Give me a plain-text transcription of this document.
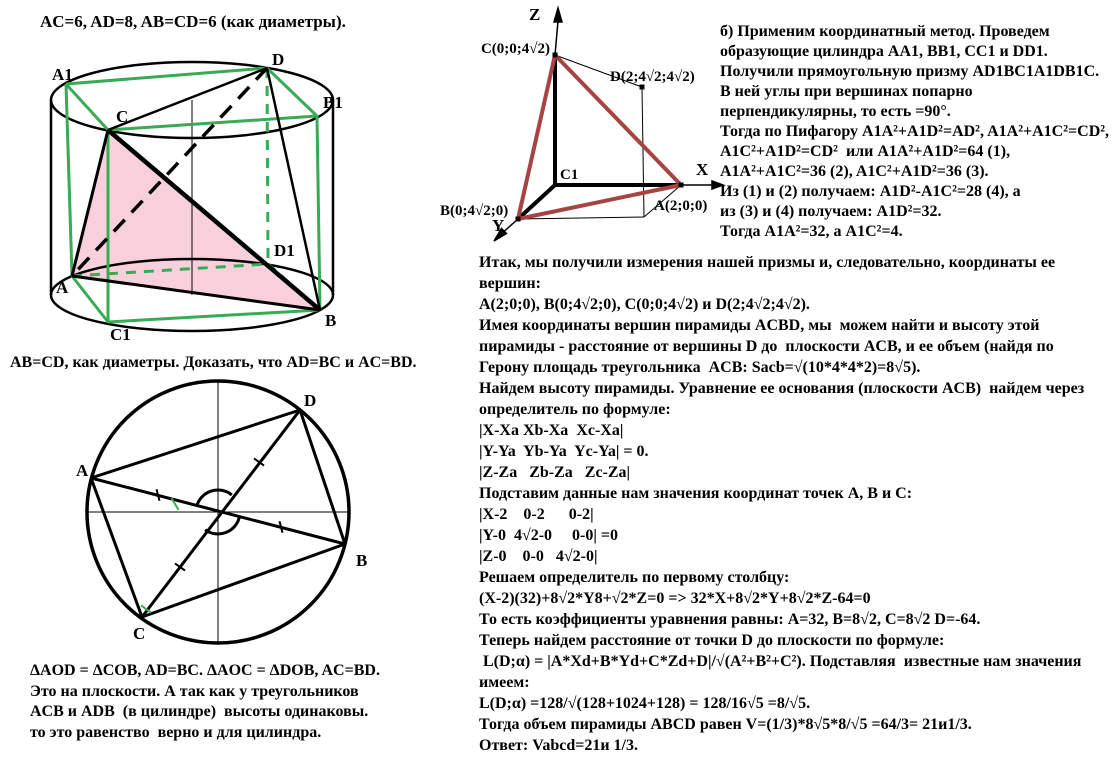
AC=6, AD=8, AB=CD=6 (как диаметры).
A1
D
C
B1
D1
A
C1
B
Z
C(0;0;4√2)
D(2;4√2;4√2)
C1	X
A(2;0;0)
B(0;4√2;0)
Y
б) Применим координатный метод. Проведем
образующие цилиндра AA1, BB1, CC1 и DD1.
Получили прямоугольную призму AD1BC1A1DB1C.
В ней углы при вершинах попарно
перпендикулярны, то есть =90°.
Тогда по Пифагору A1A²+A1D²=AD², A1A²+A1C²=CD²,
A1C²+A1D²=CD²  или A1A²+A1D²=64 (1),
A1A²+A1C²=36 (2), A1C²+A1D²=36 (3).
Из (1) и (2) получаем: A1D²-A1C²=28 (4), а
из (3) и (4) получаем: A1D²=32.
Тогда A1A²=32, а A1C²=4.
Итак, мы получили измерения нашей призмы и, следовательно, координаты ее
вершин:
A(2;0;0), B(0;4√2;0), C(0;0;4√2) и D(2;4√2;4√2).
Имея координаты вершин пирамиды ACBD, мы  можем найти и высоту этой
пирамиды - расстояние от вершины D до  плоскости ACB, и ее объем (найдя по
Герону площадь треугольника  ACB: Sacb=√(10*4*4*2)=8√5).
Найдем высоту пирамиды. Уравнение ее основания (плоскости ACB)  найдем через
определитель по формуле:
|X-Xa Xb-Xa  Xc-Xa|
|Y-Ya  Yb-Ya  Yc-Ya| = 0.
|Z-Za   Zb-Za   Zc-Za|
Подставим данные нам значения координат точек A, B и C:
|X-2    0-2      0-2|
|Y-0  4√2-0     0-0| =0
|Z-0    0-0   4√2-0|
Решаем определитель по первому столбцу:
(X-2)(32)+8√2*Y8+√2*Z=0 => 32*X+8√2*Y+8√2*Z-64=0
То есть коэффициенты уравнения равны: A=32, B=8√2, C=8√2 D=-64.
Теперь найдем расстояние от точки D до плоскости по формуле:
L(D;α) = |A*Xd+B*Yd+C*Zd+D|/√(A²+B²+C²). Подставляя  известные нам значения
имеем:
L(D;α) =128/√(128+1024+128) = 128/16√5 =8/√5.
Тогда объем пирамиды ABCD равен V=(1/3)*8√5*8/√5 =64/3= 21и1/3.
Ответ: Vabcd=21и 1/3.
AB=CD, как диаметры. Доказать, что AD=BC и AC=BD.
D
A
B
C
ΔAOD = ΔCOB, AD=BC. ΔAOC = ΔDOB, AC=BD.
Это на плоскости. А так как у треугольников
ACB и ADB  (в цилиндре)  высоты одинаковы.
то это равенство  верно и для цилиндра.
